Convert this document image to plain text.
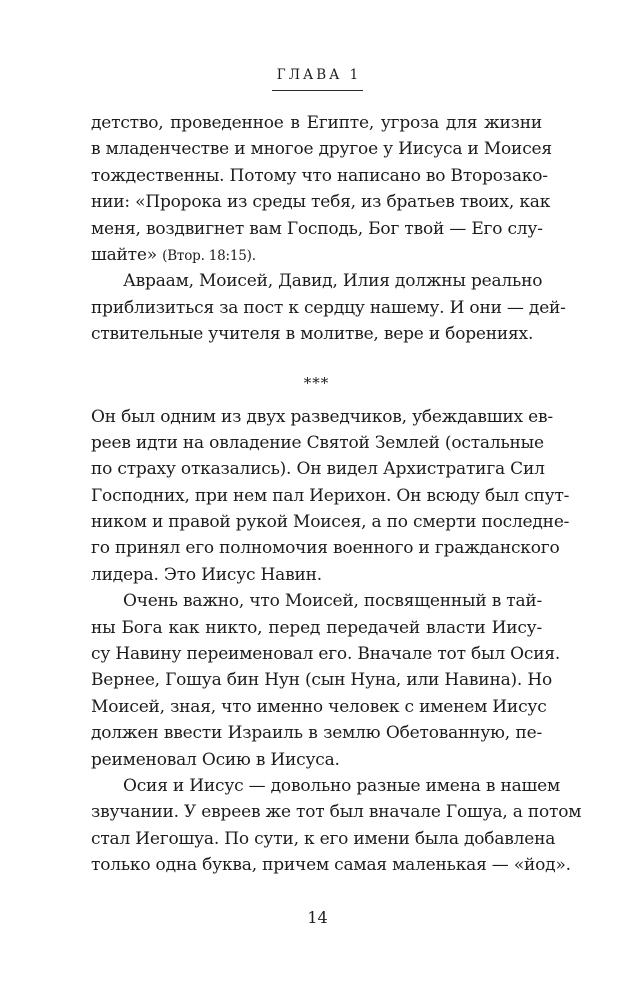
ГЛАВА 1
детство, проведенное в Египте, угроза для жизни
в младенчестве и многое другое у Иисуса и Моисея
тождественны. Потому что написано во Второзако-
нии: «Пророка из среды тебя, из братьев твоих, как
меня, воздвигнет вам Господь, Бог твой — Его слу-
шайте» (Втор. 18:15).
Авраам, Моисей, Давид, Илия должны реально
приблизиться за пост к сердцу нашему. И они — дей-
ствительные учителя в молитве, вере и борениях.
***
Он был одним из двух разведчиков, убеждавших ев-
реев идти на овладение Святой Землей (остальные
по страху отказались). Он видел Архистратига Сил
Господних, при нем пал Иерихон. Он всюду был спут-
ником и правой рукой Моисея, а по смерти последне-
го принял его полномочия военного и гражданского
лидера. Это Иисус Навин.
Очень важно, что Моисей, посвященный в тай-
ны Бога как никто, перед передачей власти Иису-
су Навину переименовал его. Вначале тот был Осия.
Вернее, Гошуа бин Нун (сын Нуна, или Навина). Но
Моисей, зная, что именно человек с именем Иисус
должен ввести Израиль в землю Обетованную, пе-
реименовал Осию в Иисуса.
Осия и Иисус — довольно разные имена в нашем
звучании. У евреев же тот был вначале Гошуа, а потом
стал Иегошуа. По сути, к его имени была добавлена
только одна буква, причем самая маленькая — «йод».
14
